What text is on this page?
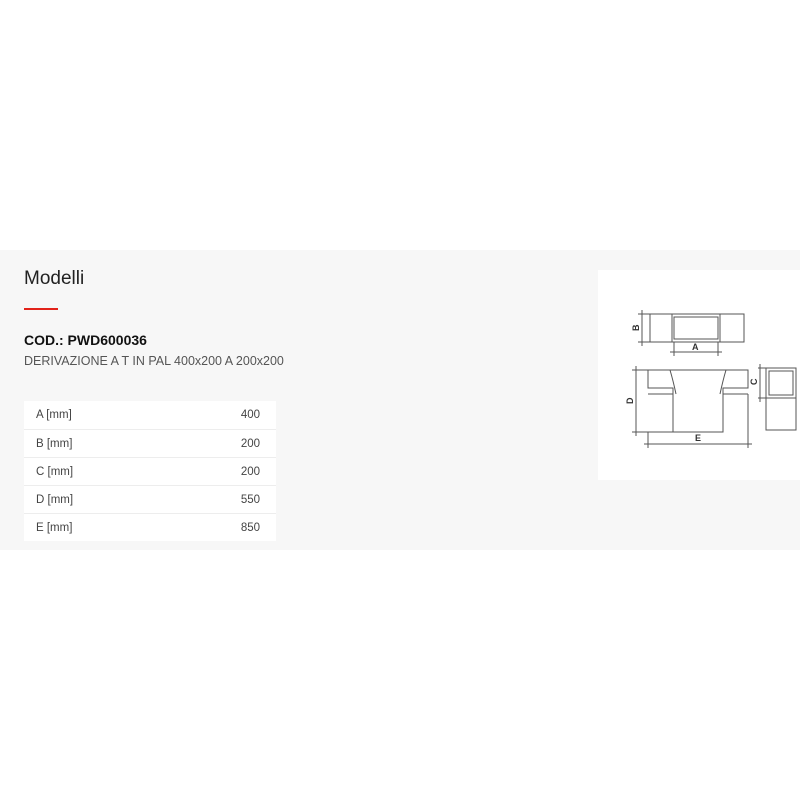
Modelli
COD.: PWD600036
DERIVAZIONE A T IN PAL 400x200 A 200x200
A [mm]	400
B [mm]	200
C [mm]	200
D [mm]	550
E [mm]	850
B
A
C
D
E
